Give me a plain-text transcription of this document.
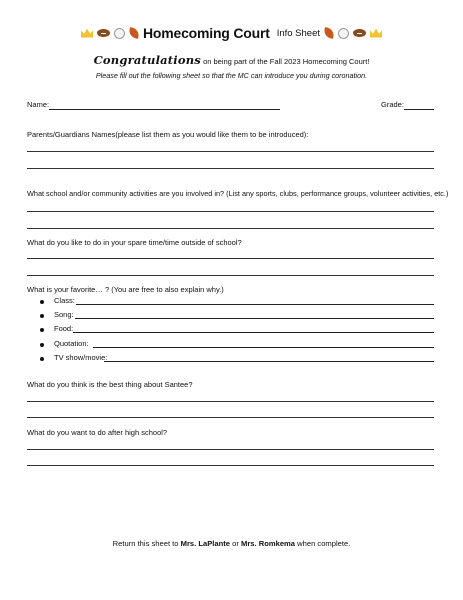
Homecoming Court Info Sheet
Congratulations on being part of the Fall 2023 Homecoming Court!
Please fill out the following sheet so that the MC can introduce you during coronation.
Name:	Grade:
Parents/Guardians Names(please list them as you would like them to be introduced):
What school and/or community activities are you involved in? (List any sports, clubs, performance groups, volunteer activities, etc.)
What do you like to do in your spare time/time outside of school?
What is your favorite… ? (You are free to also explain why.)
Class:
Song:
Food:
Quotation:
TV show/movie:
What do you think is the best thing about Santee?
What do you want to do after high school?
Return this sheet to Mrs. LaPlante or Mrs. Romkema when complete.
